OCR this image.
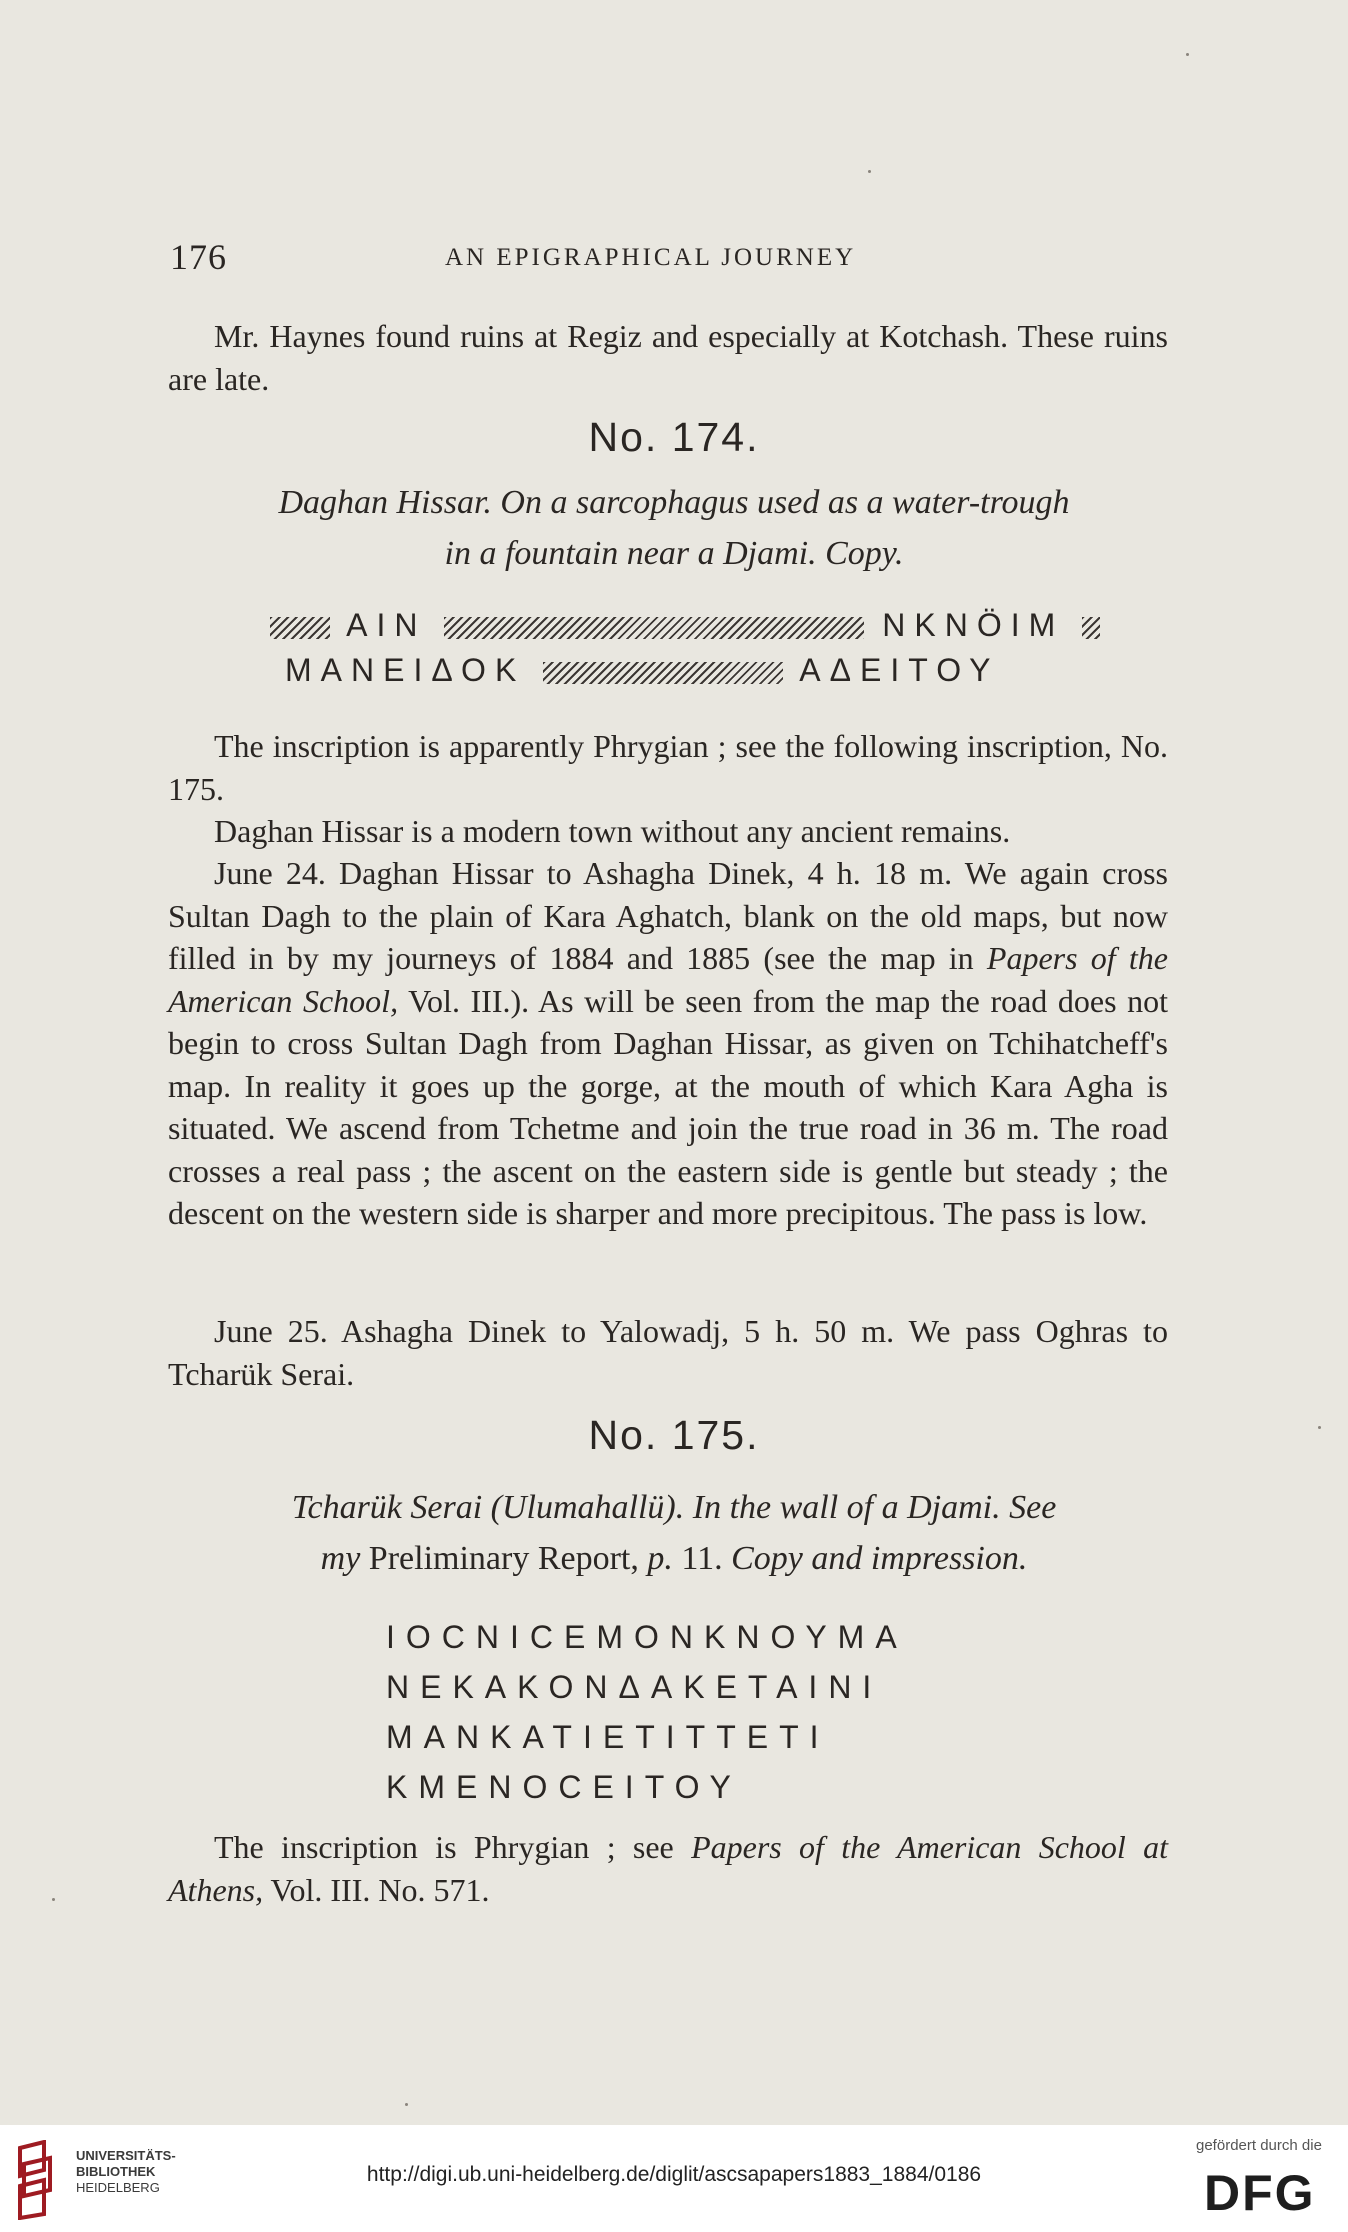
176	AN EPIGRAPHICAL JOURNEY
Mr. Haynes found ruins at Regiz and especially at Kotchash. These ruins are late.
No. 174.
Daghan Hissar. On a sarcophagus used as a water-trough
in a fountain near a Djami. Copy.
ΑΙΝ	ΝΚΝÖΙΜ
ΜΑΝΕΙΔΟΚ	ΑΔΕΙΤΟΥ
The inscription is apparently Phrygian ; see the following inscription, No. 175.
Daghan Hissar is a modern town without any ancient remains.
June 24. Daghan Hissar to Ashagha Dinek, 4 h. 18 m. We again cross Sultan Dagh to the plain of Kara Aghatch, blank on the old maps, but now filled in by my journeys of 1884 and 1885 (see the map in Papers of the American School, Vol. III.). As will be seen from the map the road does not begin to cross Sultan Dagh from Daghan Hissar, as given on Tchihatcheff's map. In reality it goes up the gorge, at the mouth of which Kara Agha is situated. We ascend from Tchetme and join the true road in 36 m. The road crosses a real pass ; the ascent on the eastern side is gentle but steady ; the descent on the western side is sharper and more precipitous. The pass is low.
June 25. Ashagha Dinek to Yalowadj, 5 h. 50 m. We pass Oghras to Tcharük Serai.
No. 175.
Tcharük Serai (Ulumahallü). In the wall of a Djami. See
my Preliminary Report, p. 11. Copy and impression.
ΙΟCΝΙCΕΜΟΝΚΝΟΥΜΑ
ΝΕΚΑΚΟΝΔΑΚΕΤΑΙΝΙ
ΜΑΝΚΑΤΙΕΤΙΤΤΕΤΙ
ΚΜΕΝΟCΕΙΤΟΥ
The inscription is Phrygian ; see Papers of the American School at Athens, Vol. III. No. 571.
UNIVERSITÄTS-
BIBLIOTHEK
HEIDELBERG
http://digi.ub.uni-heidelberg.de/diglit/ascsapapers1883_1884/0186
gefördert durch die
DFG
